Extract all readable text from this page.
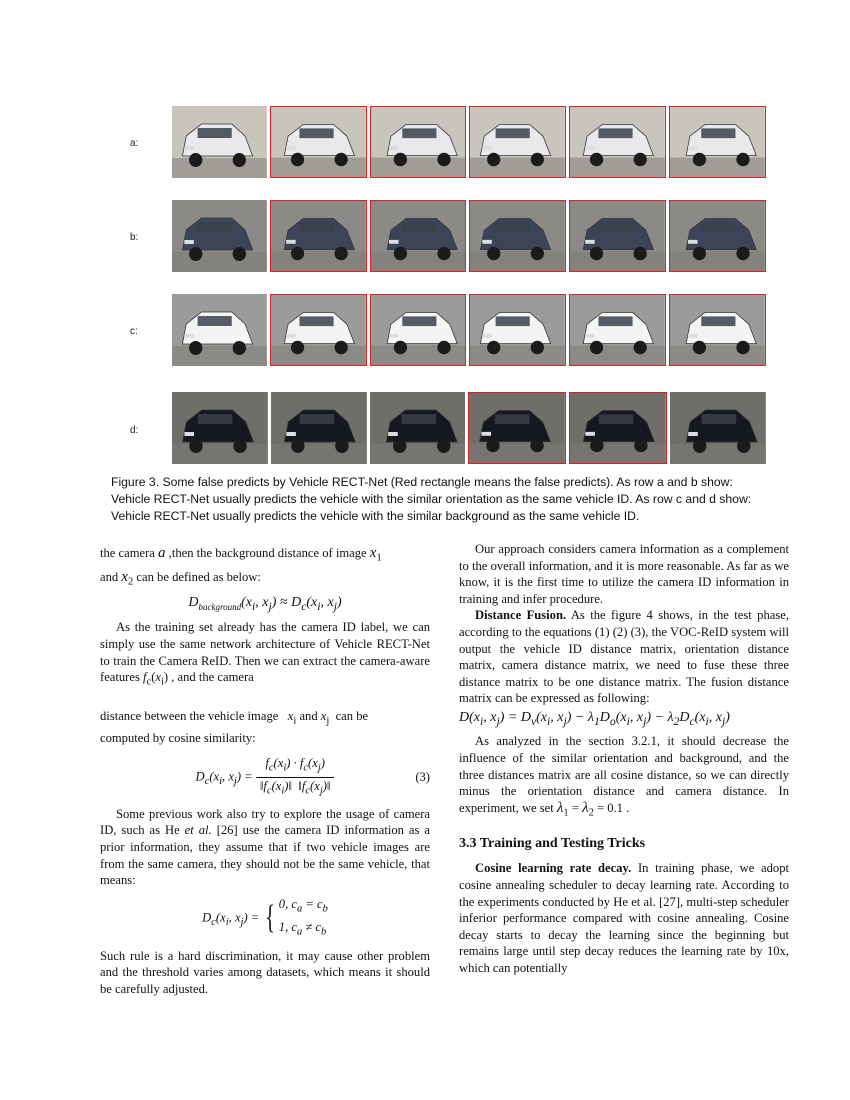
a:
b:
c:
d:
Figure 3. Some false predicts by Vehicle RECT-Net (Red rectangle means the false predicts). As row a and b show: Vehicle RECT-Net usually predicts the vehicle with the similar orientation as the same vehicle ID. As row c and d show: Vehicle RECT-Net usually predicts the vehicle with the similar background as the same vehicle ID.

the camera a ,then the background distance of image $x_1$
and $x_2$ can be defined as below:

$D_{background}(x_i$, $x_j) \approx D_c(x_i$, $x_j$)

As the training set already has the camera ID label, we can simply use the same network architecture of Vehicle RECT-Net to train the Camera ReID. Then we can extract the camera-aware features $f_c(x_i)$ , and the camera

distance between the vehicle image   $x_i$ and $x_j$  can be
computed by cosine similarity:

$D_c(x_i$, $x_j) = \frac{f_c(x_i) \cdot f_c(x_j)}{‖f_c(x_i)‖ ‖f_c(x_j)‖}$	(3)

Some previous work also try to explore the usage of camera ID, such as He et al. [26] use the camera ID information as a prior information, they assume that if two vehicle images are from the same camera, they should not be the same vehicle, that means:

$D_c(x_i$, $x_j$) = { 0, $c_a = c_b$
1, $c_a \ne c_b$

Such rule is a hard discrimination, it may cause other problem and the threshold varies among datasets, which means it should be carefully adjusted.

Our approach considers camera information as a complement to the overall information, and it is more reasonable. As far as we know, it is the first time to utilize the camera ID information in training and infer procedure.

Distance Fusion. As the figure 4 shows, in the test phase, according to the equations (1) (2) (3), the VOC-ReID system will output the vehicle ID distance matrix, orientation distance matrix, camera distance matrix, we need to fuse these three distance matrix to be one distance matrix. The fusion distance matrix can be expressed as following:

$D(x_i$, $x_j) = D_v(x_i$, $x_j) - \lambda_1D_o(x_i$, $x_j) - \lambda_2D_c(x_i$, $x_j$)

As analyzed in the section 3.2.1, it should decrease the influence of the similar orientation and background, and the three distances matrix are all cosine distance, so we can directly minus the orientation distance and camera distance. In experiment, we set $\lambda_1 = \lambda_2 = 0.1$ .

3.3 Training and Testing Tricks

Cosine learning rate decay. In training phase, we adopt cosine annealing scheduler to decay learning rate. According to the experiments conducted by He et al. [27], multi-step scheduler inferior performance compared with cosine annealing. Cosine decay starts to decay the learning since the beginning but remains large until step decay reduces the learning rate by 10x, which can potentially
